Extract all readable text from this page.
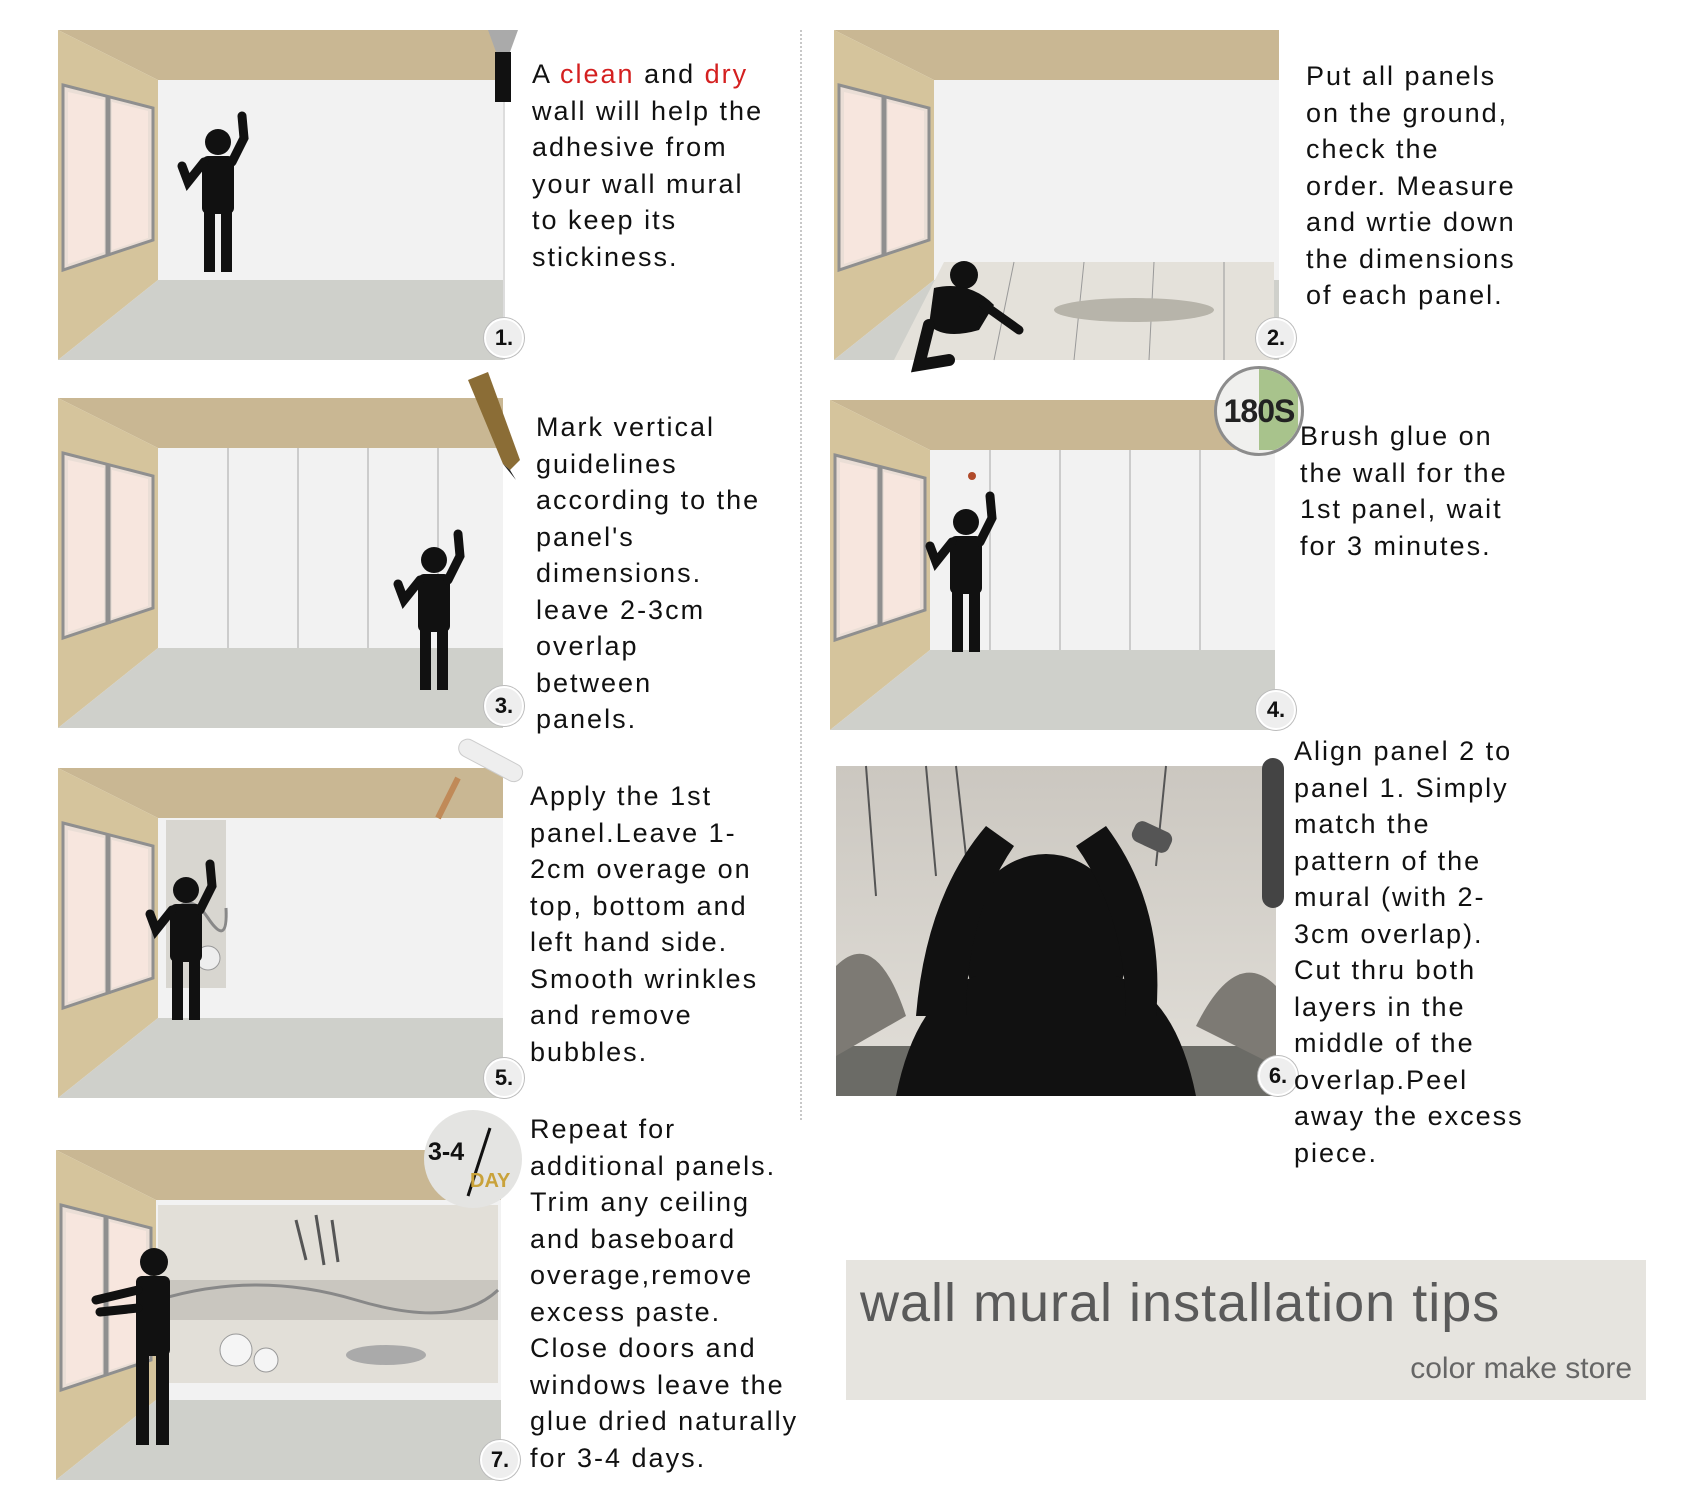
1.

A clean and dry
wall will help the
adhesive from
your wall mural
to keep its
stickiness.

2.

Put all panels
on the ground,
check the
order. Measure
and wrtie down
the dimensions
of each panel.

3.

Mark vertical
guidelines
according to the
panel's
dimensions.
leave 2-3cm
overlap
between
panels.

180S
4.

Brush glue on
the wall for the
1st panel, wait
for 3 minutes.

5.

Apply the 1st
panel.Leave 1-
2cm overage on
top, bottom and
left hand side.
Smooth wrinkles
and remove
bubbles.

6.

Align panel 2 to
panel 1. Simply
match the
pattern of the
mural (with 2-
3cm overlap).
Cut thru both
layers in the
middle of the
overlap.Peel
away the excess
piece.

3-4
DAY
7.

Repeat for
additional panels.
Trim any ceiling
and baseboard
overage,remove
excess paste.
Close doors and
windows leave the
glue dried naturally
for 3-4 days.

wall mural installation tips

color make store
